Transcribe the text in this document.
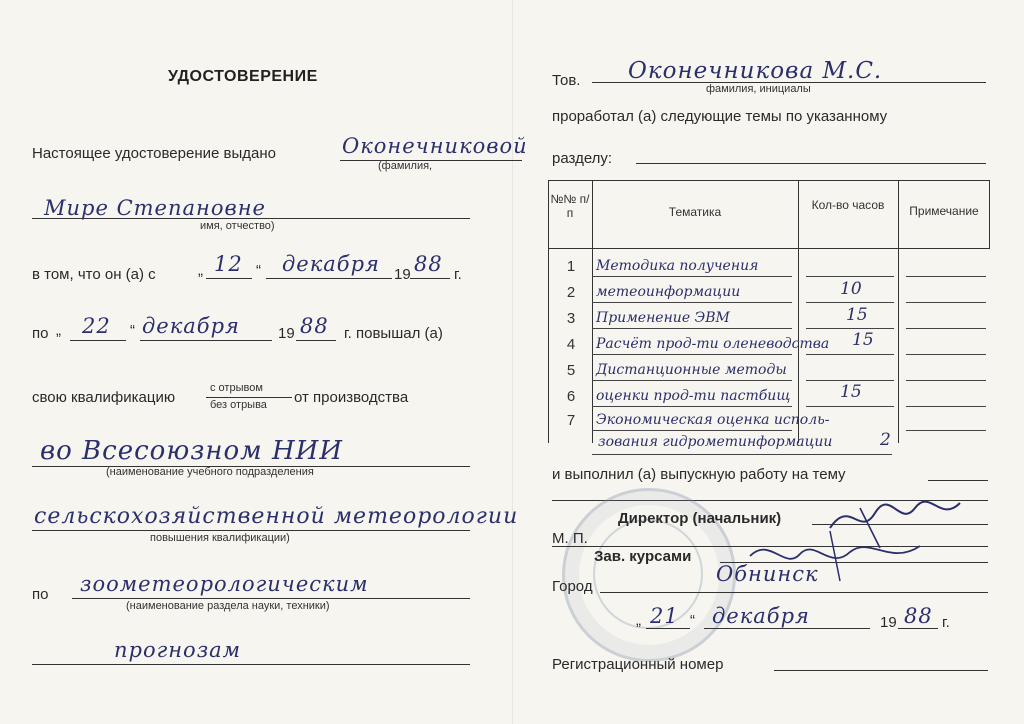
УДОСТОВЕРЕНИЕ
Настоящее удостоверение выдано	Оконечниковой
(фамилия,
Мире Степановне
имя, отчество)
в том, что он (а) с	„ 12 “ декабря 19 88 г.
по „ 22 “ декабря	19 88 г. повышал (а)
свою квалификацию
с отрывом
без отрыва от производства
во Всесоюзном НИИ
(наименование учебного подразделения
сельскохозяйственной метеорологии
повышения квалификации)
по зоометеорологическим
(наименование раздела науки, техники)
прогнозам
Тов. Оконечникова М.С.
фамилия, инициалы
проработал (а) следующие темы по указанному
разделу:
№№ п/п	Тематика	Кол-во часов	Примечание
1	Методика получения
2	метеоинформации	10
3	Применение ЭВМ	15
4	Расчёт прод-ти оленеводства 15
5	Дистанционные методы
6	оценки прод-ти пастбищ	15
7	Экономическая оценка исполь-
зования гидрометинформации	2
и выполнил (а) выпускную работу на тему
Директор (начальник)
М. П.
Зав. курсами
Город
Обнинск
„ 21 “ декабря	19 88 г.
Регистрационный номер
